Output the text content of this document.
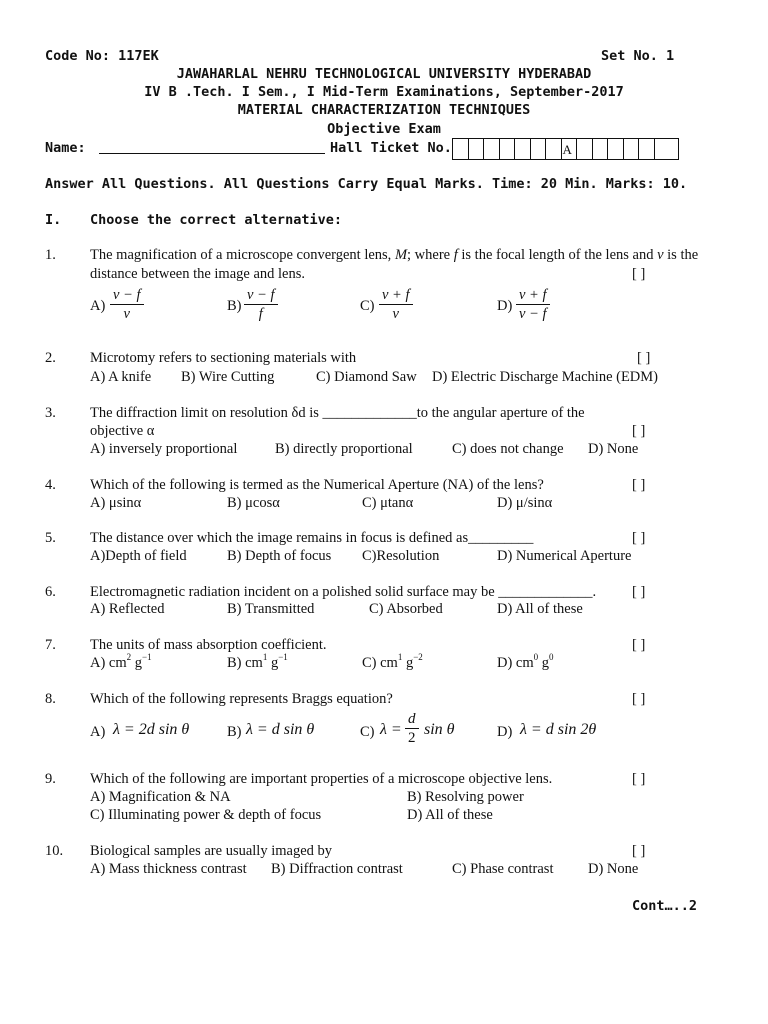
Code No: 117EK	Set No. 1
JAWAHARLAL NEHRU TECHNOLOGICAL UNIVERSITY HYDERABAD
IV B .Tech. I Sem., I Mid-Term Examinations, September-2017
MATERIAL CHARACTERIZATION TECHNIQUES
Objective Exam
Name:	Hall Ticket No.	A
Answer All Questions. All Questions Carry Equal Marks. Time: 20 Min. Marks: 10.
I. Choose the correct alternative:
1. The magnification of a microscope convergent lens, M; where f is the focal length of the lens and v is the
distance between the image and lens.	[ ]
A)
v − f
v	B)
v − f
f	C)
v + f
v	D)
v + f
v − f
2. Microtomy refers to sectioning materials with	[ ]
A) A knife B) Wire Cutting	C) Diamond Saw D) Electric Discharge Machine (EDM)
3. The diffraction limit on resolution δd is _____________to the angular aperture of the
objective α	[ ]
A) inversely proportional	B) directly proportional	C) does not change D) None
4. Which of the following is termed as the Numerical Aperture (NA) of the lens?	[ ]
A) μsinα	B) μcosα	C) μtanα	D) μ/sinα
5. The distance over which the image remains in focus is defined as_________	[ ]
A)Depth of field	B) Depth of focus C)Resolution	D) Numerical Aperture
6. Electromagnetic radiation incident on a polished solid surface may be _____________. [ ]
A) Reflected	B) Transmitted	C) Absorbed	D) All of these
7. The units of mass absorption coefficient.	[ ]
A) $cm^2$ $g^{-1}$	B) $cm^1$ $g^{-1}$	C) $cm^1$ $g^{-2}$	D) $cm^0$ $g^0$
8. Which of the following represents Braggs equation?	[ ]
A) λ = 2d sin θ	B) λ = d sin θ	C) λ =
d
2 sin θ	D) λ = d sin 2θ
9. Which of the following are important properties of a microscope objective lens.	[ ]
A) Magnification & NA	B) Resolving power
C) Illuminating power & depth of focus	D) All of these
10. Biological samples are usually imaged by	[ ]
A) Mass thickness contrast B) Diffraction contrast	C) Phase contrast D) None
Cont…..2
